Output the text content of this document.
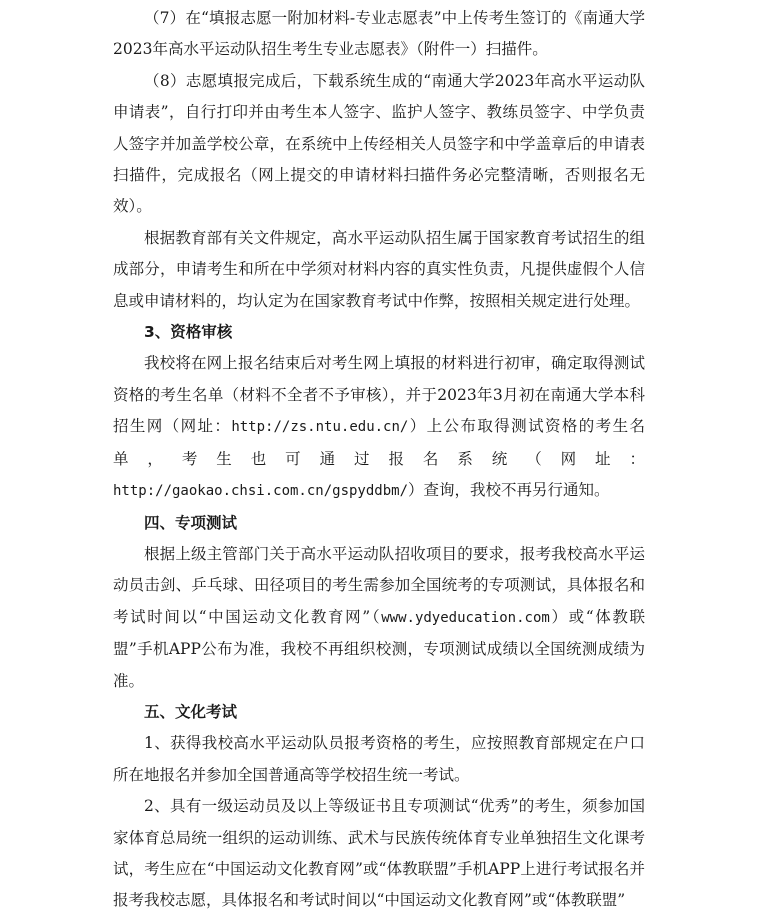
（7）在“填报志愿一附加材料-专业志愿表”中上传考生签订的《南通大学2023年高水平运动队招生考生专业志愿表》（附件一）扫描件。

（8）志愿填报完成后，下载系统生成的“南通大学2023年高水平运动队申请表”，自行打印并由考生本人签字、监护人签字、教练员签字、中学负责人签字并加盖学校公章，在系统中上传经相关人员签字和中学盖章后的申请表扫描件，完成报名（网上提交的申请材料扫描件务必完整清晰，否则报名无效）。

根据教育部有关文件规定，高水平运动队招生属于国家教育考试招生的组成部分，申请考生和所在中学须对材料内容的真实性负责，凡提供虚假个人信息或申请材料的，均认定为在国家教育考试中作弊，按照相关规定进行处理。

3、资格审核

我校将在网上报名结束后对考生网上填报的材料进行初审，确定取得测试资格的考生名单（材料不全者不予审核），并于2023年3月初在南通大学本科招生网（网址：http://zs.ntu.edu.cn/）上公布取得测试资格的考生名单，考生也可通过报名系统（网址：http://gaokao.chsi.com.cn/gspyddbm/）查询，我校不再另行通知。

四、专项测试

根据上级主管部门关于高水平运动队招收项目的要求，报考我校高水平运动员击剑、乒乓球、田径项目的考生需参加全国统考的专项测试，具体报名和考试时间以“中国运动文化教育网”（www.ydyeducation.com）或“体教联盟”手机APP公布为准，我校不再组织校测，专项测试成绩以全国统测成绩为准。

五、文化考试

1、获得我校高水平运动队员报考资格的考生，应按照教育部规定在户口所在地报名并参加全国普通高等学校招生统一考试。

2、具有一级运动员及以上等级证书且专项测试“优秀”的考生，须参加国家体育总局统一组织的运动训练、武术与民族传统体育专业单独招生文化课考试，考生应在“中国运动文化教育网”或“体教联盟”手机APP上进行考试报名并报考我校志愿，具体报名和考试时间以“中国运动文化教育网”或“体教联盟”
